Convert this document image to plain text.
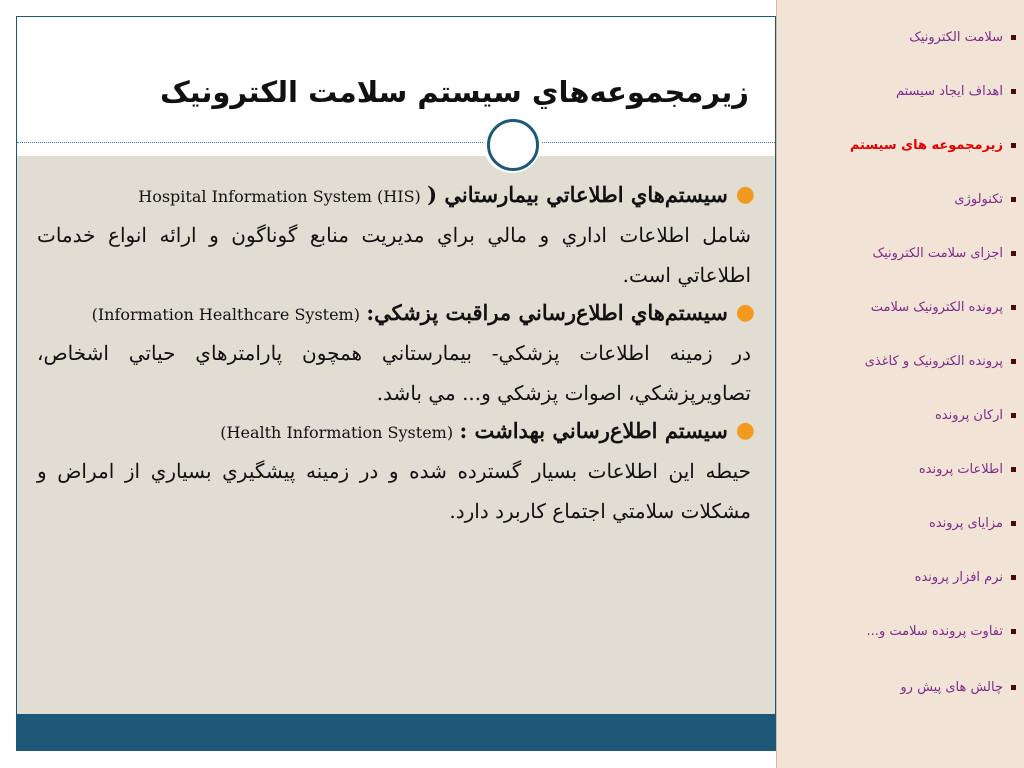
زيرمجموعه‌هاي سيستم سلامت الكترونيک
●
سيستم‌هاي اطلاعاتي بيمارستاني ( Hospital Information System (HIS)

شامل اطلاعات اداري و مالي براي مديريت منابع گوناگون و ارائه انواع خدمات اطلاعاتي است.

●
سيستم‌هاي اطلاع‌رساني مراقبت پزشكي: (Information Healthcare System)

در زمينه اطلاعات پزشكي- بيمارستاني همچون پارامترهاي حياتي اشخاص، تصاويرپزشكي، اصوات پزشكي و... مي باشد.

●
سيستم اطلاع‌رساني بهداشت : (Health Information System)

حيطه اين اطلاعات بسيار گسترده شده و در زمينه پيشگيري بسياري از امراض و مشكلات سلامتي اجتماع كاربرد دارد.

سلامت الکترونیک
اهداف ایجاد سیستم
زیرمجموعه های سیستم
تکنولوژی
اجزای سلامت الکترونیک
پرونده الکترونیک سلامت
پرونده الکترونیک و کاغذی
ارکان پرونده
اطلاعات پرونده
مزایای پرونده
نرم افزار پرونده
تفاوت پرونده سلامت و...
چالش های پیش رو
